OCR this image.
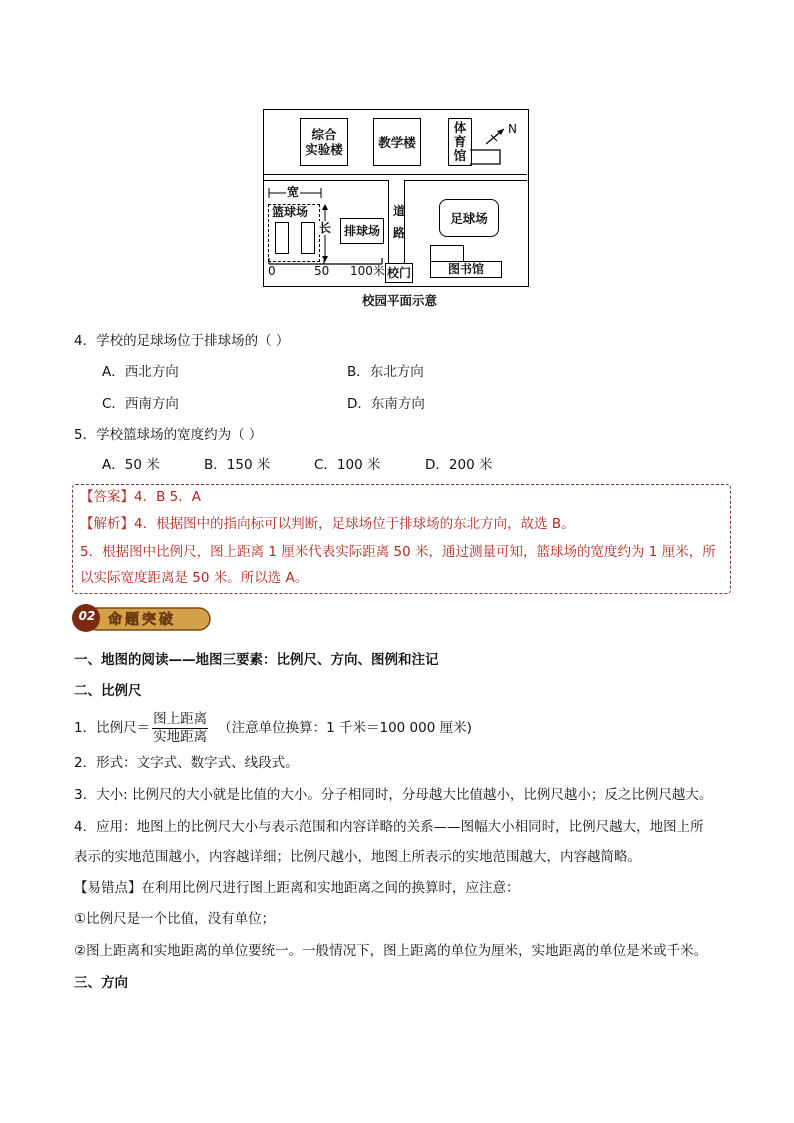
综合
实验楼	教学楼
体育馆
N
道路
校门
篮球场
宽
长	排球场
0	50 100米
足球场
图书馆
校园平面示意
4．学校的足球场位于排球场的（ ）
A．西北方向	B．东北方向
C．西南方向	D．东南方向
5．学校篮球场的宽度约为（ ）
A．50 米	B．150 米	C．100 米	D．200 米
【答案】4．B 5．A
【解析】4．根据图中的指向标可以判断，足球场位于排球场的东北方向，故选 B。
5．根据图中比例尺，图上距离 1 厘米代表实际距离 50 米，通过测量可知，篮球场的宽度约为 1 厘米，所
以实际宽度距离是 50 米。所以选 A。
02 命题突破
一、地图的阅读——地图三要素：比例尺、方向、图例和注记
二、比例尺
1．比例尺＝ $\frac{\text{图上距离}}{\text{实地距离}}$ （注意单位换算：1 千米＝100 000 厘米)
2．形式：文字式、数字式、线段式。
3．大小: 比例尺的大小就是比值的大小。分子相同时，分母越大比值越小，比例尺越小；反之比例尺越大。
4．应用：地图上的比例尺大小与表示范围和内容详略的关系——图幅大小相同时，比例尺越大，地图上所
表示的实地范围越小，内容越详细；比例尺越小，地图上所表示的实地范围越大，内容越简略。
【易错点】在利用比例尺进行图上距离和实地距离之间的换算时，应注意：
①比例尺是一个比值，没有单位；
②图上距离和实地距离的单位要统一。一般情况下，图上距离的单位为厘米，实地距离的单位是米或千米。
三、方向
